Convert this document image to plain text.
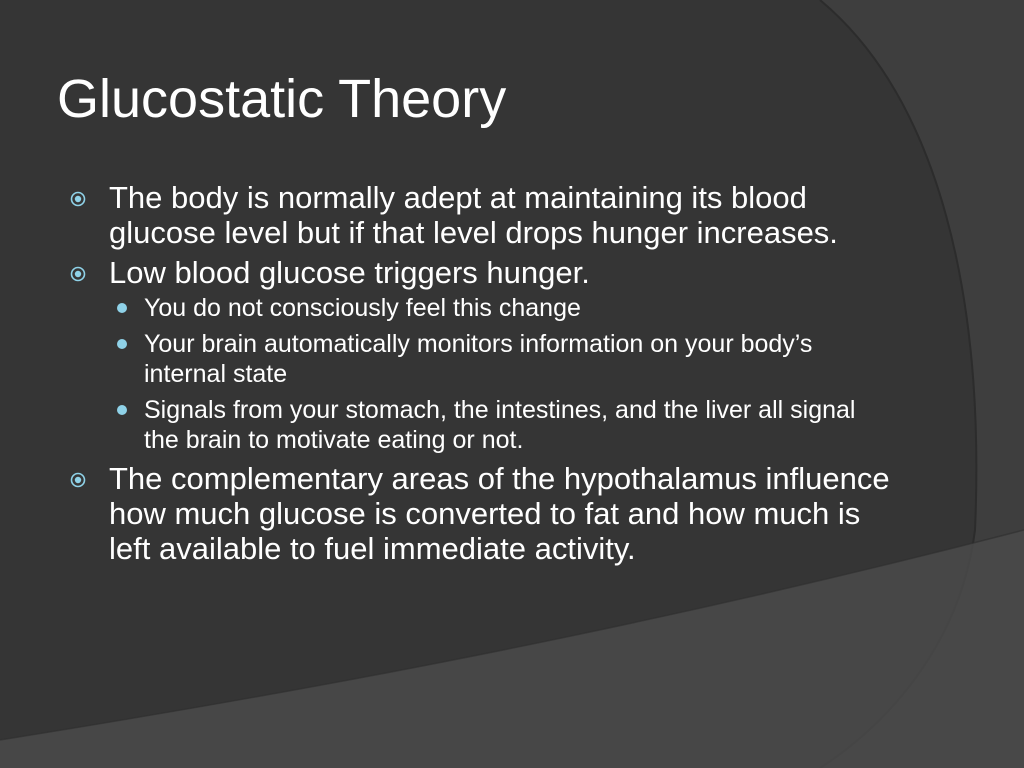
Glucostatic Theory
The body is normally adept at maintaining its blood glucose level but if that level drops hunger increases.
Low blood glucose triggers hunger.
You do not consciously feel this change
Your brain automatically monitors information on your body’s internal state
Signals from your stomach, the intestines, and the liver all signal the brain to motivate eating or not.
The complementary areas of the hypothalamus influence how much glucose is converted to fat and how much is left available to fuel immediate activity.
